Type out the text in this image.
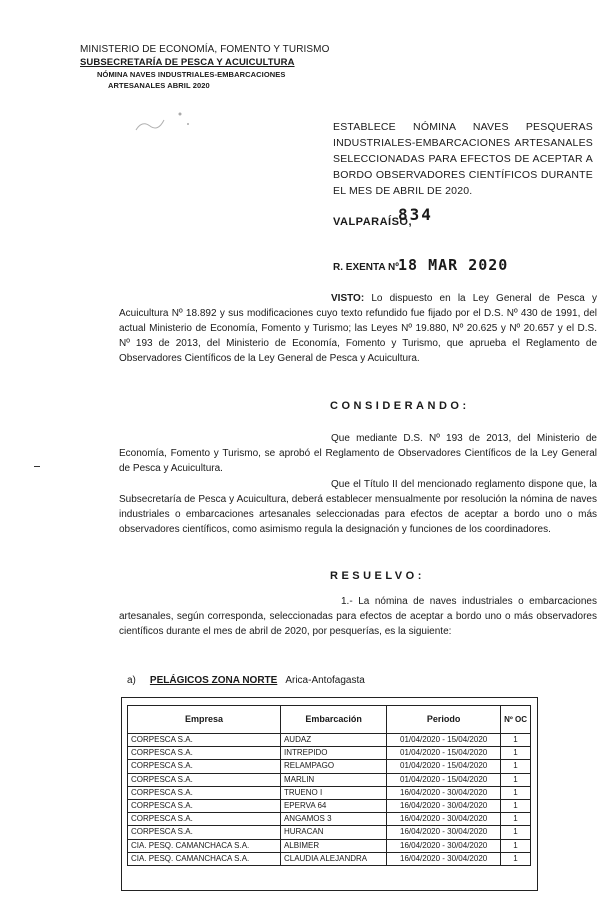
MINISTERIO DE ECONOMÍA, FOMENTO Y TURISMO
SUBSECRETARÍA DE PESCA Y ACUICULTURA
NÓMINA NAVES INDUSTRIALES-EMBARCACIONES
ARTESANALES ABRIL 2020
ESTABLECE NÓMINA NAVES PESQUERAS INDUSTRIALES-EMBARCACIONES ARTESANALES SELECCIONADAS PARA EFECTOS DE ACEPTAR A BORDO OBSERVADORES CIENTÍFICOS DURANTE EL MES DE ABRIL DE 2020.
VALPARAÍSO,
834
R. EXENTA Nº 18 MAR 2020
VISTO: Lo dispuesto en la Ley General de Pesca y Acuicultura Nº 18.892 y sus modificaciones cuyo texto refundido fue fijado por el D.S. Nº 430 de 1991, del actual Ministerio de Economía, Fomento y Turismo; las Leyes Nº 19.880, Nº 20.625 y Nº 20.657 y el D.S. Nº 193 de 2013, del Ministerio de Economía, Fomento y Turismo, que aprueba el Reglamento de Observadores Científicos de la Ley General de Pesca y Acuicultura.
CONSIDERANDO:
Que mediante D.S. Nº 193 de 2013, del Ministerio de Economía, Fomento y Turismo, se aprobó el Reglamento de Observadores Científicos de la Ley General de Pesca y Acuicultura.
Que el Título II del mencionado reglamento dispone que, la Subsecretaría de Pesca y Acuicultura, deberá establecer mensualmente por resolución la nómina de naves industriales o embarcaciones artesanales seleccionadas para efectos de aceptar a bordo uno o más observadores científicos, como asimismo regula la designación y funciones de los coordinadores.
RESUELVO:
1.- La nómina de naves industriales o embarcaciones artesanales, según corresponda, seleccionadas para efectos de aceptar a bordo uno o más observadores científicos durante el mes de abril de 2020, por pesquerías, es la siguiente:
a) PELÁGICOS ZONA NORTE Arica-Antofagasta
Empresa	Embarcación	Periodo	Nº OC
CORPESCA S.A.	AUDAZ	01/04/2020 - 15/04/2020	1
CORPESCA S.A.	INTREPIDO	01/04/2020 - 15/04/2020	1
CORPESCA S.A.	RELAMPAGO	01/04/2020 - 15/04/2020	1
CORPESCA S.A.	MARLIN	01/04/2020 - 15/04/2020	1
CORPESCA S.A.	TRUENO I	16/04/2020 - 30/04/2020	1
CORPESCA S.A.	EPERVA 64	16/04/2020 - 30/04/2020	1
CORPESCA S.A.	ANGAMOS 3	16/04/2020 - 30/04/2020	1
CORPESCA S.A.	HURACAN	16/04/2020 - 30/04/2020	1
CIA. PESQ. CAMANCHACA S.A.	ALBIMER	16/04/2020 - 30/04/2020	1
CIA. PESQ. CAMANCHACA S.A.	CLAUDIA ALEJANDRA	16/04/2020 - 30/04/2020	1
